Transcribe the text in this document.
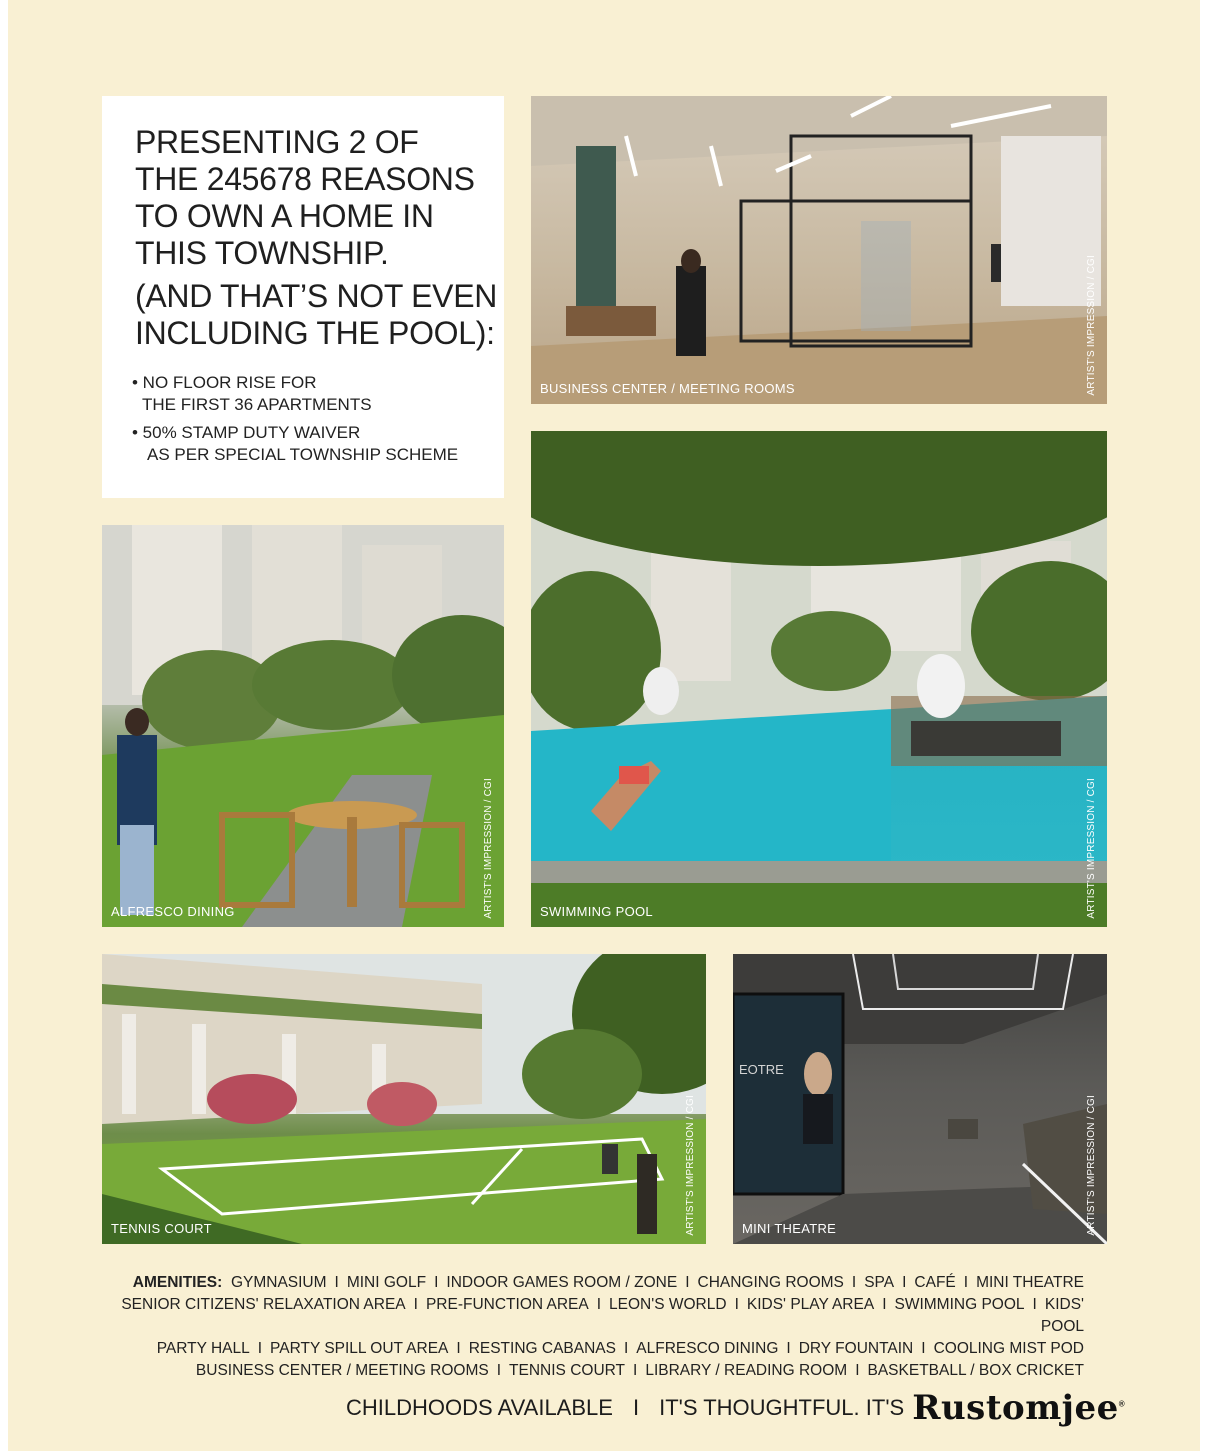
PRESENTING 2 OF
THE 245678 REASONS
TO OWN A HOME IN
THIS TOWNSHIP.
(AND THAT’S NOT EVEN
INCLUDING THE POOL):
• NO FLOOR RISE FOR
THE FIRST 36 APARTMENTS
• 50% STAMP DUTY WAIVER
AS PER SPECIAL TOWNSHIP SCHEME
BUSINESS CENTER / MEETING ROOMS	ARTIST'S IMPRESSION / CGI
ALFRESCO DINING	ARTIST'S IMPRESSION / CGI	SWIMMING POOL	ARTIST'S IMPRESSION / CGI
TENNIS COURT	ARTIST'S IMPRESSION / CGI
EOTRE
MINI THEATRE	ARTIST'S IMPRESSION / CGI
AMENITIES: GYMNASIUM I MINI GOLF I INDOOR GAMES ROOM / ZONE I CHANGING ROOMS I SPA I CAFÉ I MINI THEATRE
SENIOR CITIZENS' RELAXATION AREA I PRE-FUNCTION AREA I LEON'S WORLD I KIDS' PLAY AREA I SWIMMING POOL I KIDS' POOL
PARTY HALL I PARTY SPILL OUT AREA I RESTING CABANAS I ALFRESCO DINING I DRY FOUNTAIN I COOLING MIST POD
BUSINESS CENTER / MEETING ROOMS I TENNIS COURT I LIBRARY / READING ROOM I BASKETBALL / BOX CRICKET
CHILDHOODS AVAILABLE I IT'S THOUGHTFUL. IT'S Rustomjee®
